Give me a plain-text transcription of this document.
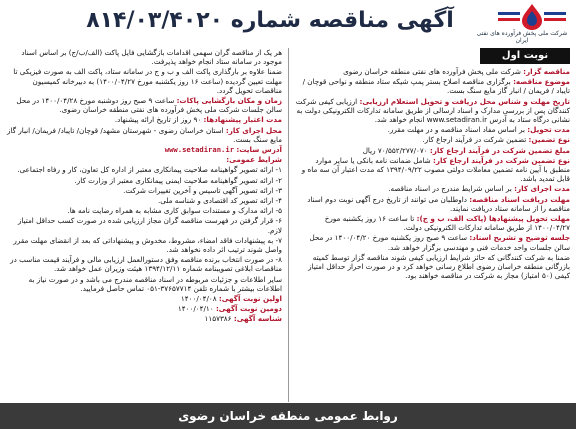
آگهی مناقصه شماره ۸۱۴/۰۳/۴۰۲۰
شرکت ملی پخش فرآورده های نفتی ایران
نوبت اول

مناقصه گزار: شرکت ملی پخش فرآورده های نفتی منطقه خراسان رضوی

موضوع مناقصه: برگزاری مناقصه اصلاح بستر پمپ شیکه ستاد منطقه و نواحی قوچان / تایباد / فریمان / انبار گاز مایع سنگ بست.

تاریخ مهلت و شناس محل دریافت و تحویل استعلام ارزیابی: ارزیابی کیفی شرکت کنندگان پس از بررسی مدارک و اسناد ارسالی از طریق سامانه تدارکات الکترونیکی دولت به نشانی درگاه ستاد به آدرس www.setadiran.ir انجام خواهد شد.

مدت تحویل: بر اساس مفاد اسناد مناقصه و در مهلت مقرر.

نوع تضمین: تضمین شرکت در فرآیند ارجاع کار.

مبلغ تضمین شرکت در فرآیند ارجاع کار: ۷۰/۵۵۲/۲۷۷/۰۷۰ ریال

نوع تضمین شرکت در فرآیند ارجاع کار: شامل ضمانت نامه بانکی یا سایر موارد منطبق با آیین نامه تضمین معاملات دولتی مصوب ۱۳۹۴/۰۹/۲۲ که مدت اعتبار آن سه ماه و قابل تمدید باشد.

مدت اجرای کار: بر اساس شرایط مندرج در اسناد مناقصه.

مهلت دریافت اسناد مناقصه: داوطلبان می توانند از تاریخ درج آگهی نوبت دوم اسناد مناقصه را از سامانه ستاد دریافت نمایند.

مهلت تحویل پیشنهادها (پاکت الف، ب و ج): تا ساعت ۱۶ روز یکشنبه مورخ ۱۴۰۰/۰۴/۲۷ از طریق سامانه تدارکات الکترونیکی دولت.

جلسه توضیح و تشریح اسناد: ساعت ۹ صبح روز یکشنبه مورخ ۱۴۰۰/۰۴/۲۰ در محل سالن جلسات واحد خدمات فنی و مهندسی برگزار خواهد شد.

ضمنا به شرکت کنندگانی که حائز شرایط ارزیابی کیفی شوند مناقصه گزار توسط کمیته بازرگانی منطقه خراسان رضوی اطلاع رسانی خواهد کرد و در صورت احراز حداقل امتیاز کیفی (۵۰ امتیاز) مجاز به شرکت در مناقصه خواهند بود.

هر یک از مناقصه گران سهمی اقدامات بازگشایی فایل پاکت (الف/ب/ج) بر اساس اسناد موجود در سامانه ستاد انجام خواهد پذیرفت.

ضمنا علاوه بر بارگذاری پاکت الف و ب و ج در سامانه ستاد، پاکت الف به صورت فیزیکی تا مهلت تعیین گردیده (ساعت ۱۶ روز یکشنبه مورخ ۱۴۰۰/۰۴/۲۷) به دبیرخانه کمیسیون مناقصات تحویل گردد.

زمان و مکان بازگشایی پاکات: ساعت ۹ صبح روز دوشنبه مورخ ۱۴۰۰/۰۴/۲۸ در محل سالن جلسات شرکت ملی پخش فرآورده های نفتی منطقه خراسان رضوی.

مدت اعتبار پیشنهادها: ۹۰ روز از تاریخ ارائه پیشنهاد.

محل اجرای کار: استان خراسان رضوی - شهرستان مشهد/ قوچان/ تایباد/ فریمان/ انبار گاز مایع سنگ بست.

آدرس سایت: www.setadiran.ir

شرایط عمومی:

۱- ارائه تصویر گواهینامه صلاحیت پیمانکاری معتبر از اداره کل تعاون، کار و رفاه اجتماعی.

۲- ارائه تصویر گواهینامه صلاحیت ایمنی پیمانکاری معتبر از وزارت کار.

۳- ارائه تصویر آگهی تاسیس و آخرین تغییرات شرکت.

۴- ارائه تصویر کد اقتصادی و شناسه ملی.

۵- ارائه مدارک و مستندات سوابق کاری مشابه به همراه رضایت نامه ها.

۶- قرار گرفتن در فهرست مناقصه گران مجاز ارزیابی شده در صورت کسب حداقل امتیاز لازم.

۷- به پیشنهادات فاقد امضاء، مشروط، مخدوش و پیشنهاداتی که بعد از انقضای مهلت مقرر واصل شوند ترتیب اثر داده نخواهد شد.

۸- در صورت انتخاب برنده مناقصه وفق دستورالعمل ارزیابی مالی و فرآیند قیمت مناسب در مناقصات ابلاغی تصویبنامه شماره ۱۳۹۴/۱۲/۱۱ هیئت وزیران عمل خواهد شد.

سایر اطلاعات و جزئیات مربوطه در اسناد مناقصه مندرج می باشد و در صورت نیاز به اطلاعات بیشتر با شماره تلفن ۳۷۶۵۷۷۱۴-۰۵۱ تماس حاصل فرمایید.

اولین نوبت آگهی: ۱۴۰۰/۰۴/۰۸

دومین نوبت آگهی: ۱۴۰۰/۰۴/۱۰

شناسه آگهی: ۱۱۵۷۳۸۶

روابط عمومی منطقه خراسان رضوی
